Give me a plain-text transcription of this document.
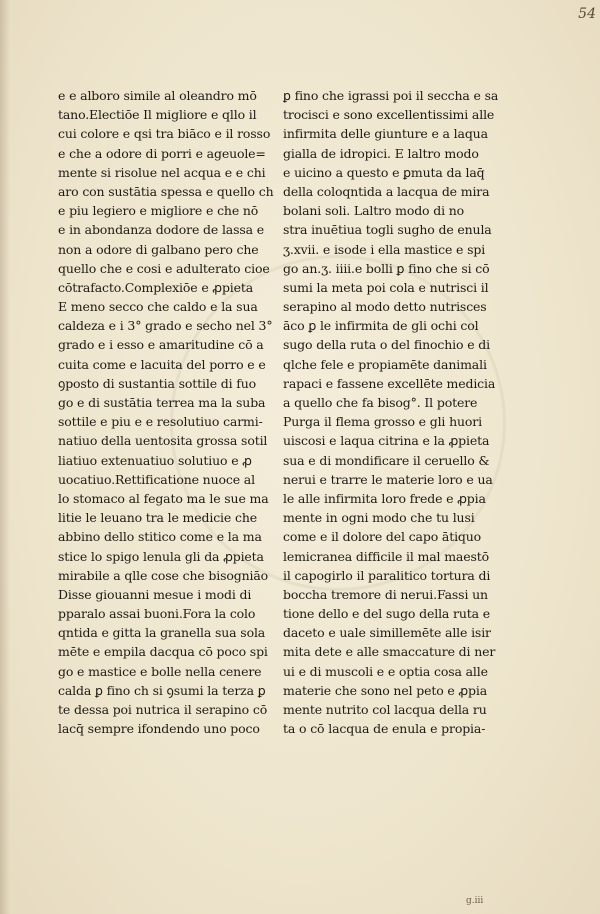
54
e e alboro simile al oleandro mō
tano.Electiōe Il migliore e qllo il
cui colore e qsi tra biāco e il rosso
e che a odore di porri e ageuole=
mente si risolue nel acqua e e chi
aro con sustātia spessa e quello ch
e piu legiero e migliore e che nō
e in abondanza dodore de lassa e
non a odore di galbano pero che
quello che e cosi e adulterato cioe
cōtrafacto.Complexiōe e ꝓpieta
E meno secco che caldo e la sua
caldeza e i 3° grado e secho nel 3°
grado e i esso e amaritudine cō a
cuita come e lacuita del porro e e
ꝯposto di sustantia sottile di fuo
go e di sustātia terrea ma la suba
sottile e piu e e resolutiuo carmi-
natiuo della uentosita grossa sotil
liatiuo extenuatiuo solutiuo e ꝓ
uocatiuo.Rettificatione nuoce al
lo stomaco al fegato ma le sue ma
litie le leuano tra le medicie che
abbino dello stitico come e la ma
stice lo spigo lenula gli da ꝓpieta
mirabile a qlle cose che bisogniāo
Disse giouanni mesue i modi di
pparalo assai buoni.Fora la colo
qntida e gitta la granella sua sola
mēte e empila dacqua cō poco spi
go e mastice e bolle nella cenere
calda ꝑ fino ch si ꝯsumi la terza ꝑ
te dessa poi nutrica il serapino cō
lacq̄ sempre ifondendo uno poco
ꝑ fino che igrassi poi il seccha e sa
trocisci e sono excellentissimi alle
infirmita delle giunture e a laqua
gialla de idropici. E laltro modo
e uicino a questo e ꝑmuta da laq̄
della coloqntida a lacqua de mira
bolani soli. Laltro modo di no
stra inuētiua togli sugho de enula
ʒ.xvii. e isode i ella mastice e spi
go an.ʒ. iiii.e bolli ꝑ fino che si cō
sumi la meta poi cola e nutrisci il
serapino al modo detto nutrisces
āco ꝑ le infirmita de gli ochi col
sugo della ruta o del finochio e di
qlche fele e propiamēte danimali
rapaci e fassene excellēte medicia
a quello che fa bisog°. Il potere
Purga il flema grosso e gli huori
uiscosi e laqua citrina e la ꝓpieta
sua e di mondificare il ceruello &
nerui e trarre le materie loro e ua
le alle infirmita loro frede e ꝓpia
mente in ogni modo che tu lusi
come e il dolore del capo ātiquo
lemicranea difficile il mal maestō
il capogirlo il paralitico tortura di
boccha tremore di nerui.Fassi un
tione dello e del sugo della ruta e
daceto e uale simillemēte alle isir
mita dete e alle smaccature di ner
ui e di muscoli e e optia cosa alle
materie che sono nel peto e ꝓpia
mente nutrito col lacqua della ru
ta o cō lacqua de enula e propia-
g.iii
